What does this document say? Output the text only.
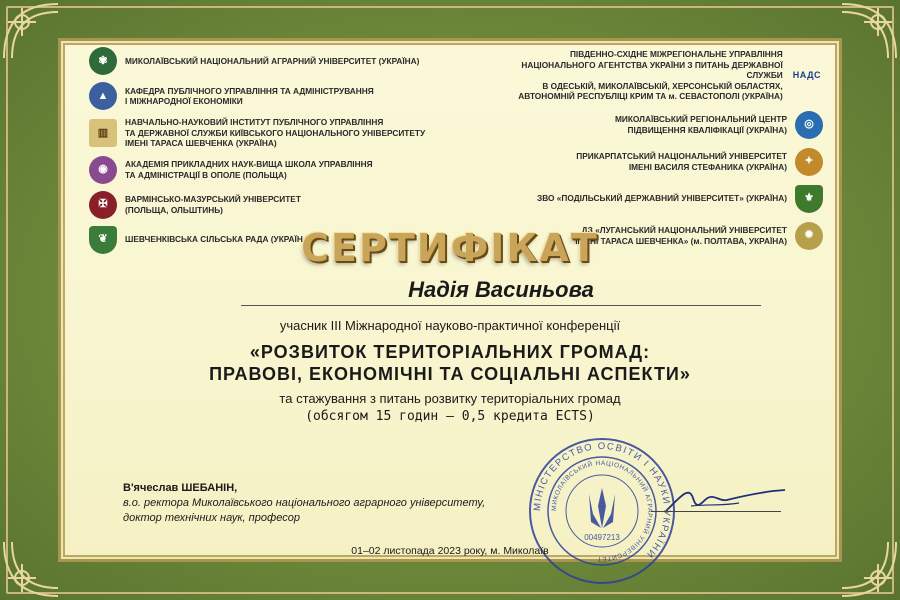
✾	МИКОЛАЇВСЬКИЙ НАЦІОНАЛЬНИЙ АГРАРНИЙ УНІВЕРСИТЕТ (УКРАЇНА)
▲	КАФЕДРА ПУБЛІЧНОГО УПРАВЛІННЯ ТА АДМІНІСТРУВАННЯ
І МІЖНАРОДНОЇ ЕКОНОМІКИ
▥
НАВЧАЛЬНО-НАУКОВИЙ ІНСТИТУТ ПУБЛІЧНОГО УПРАВЛІННЯ
ТА ДЕРЖАВНОЇ СЛУЖБИ КИЇВСЬКОГО НАЦІОНАЛЬНОГО УНІВЕРСИТЕТУ
ІМЕНІ ТАРАСА ШЕВЧЕНКА (УКРАЇНА)
◉	АКАДЕМІЯ ПРИКЛАДНИХ НАУК-ВИЩА ШКОЛА УПРАВЛІННЯ
ТА АДМІНІСТРАЦІЇ В ОПОЛЕ (ПОЛЬЩА)
✠	ВАРМІНСЬКО-МАЗУРСЬКИЙ УНІВЕРСИТЕТ
(ПОЛЬЩА, ОЛЬШТИНЬ)
❦	ШЕВЧЕНКІВСЬКА СІЛЬСЬКА РАДА (УКРАЇНА)
ПІВДЕННО-СХІДНЕ МІЖРЕГІОНАЛЬНЕ УПРАВЛІННЯ
НАЦІОНАЛЬНОГО АГЕНТСТВА УКРАЇНИ З ПИТАНЬ ДЕРЖАВНОЇ СЛУЖБИ
В ОДЕСЬКІЙ, МИКОЛАЇВСЬКІЙ, ХЕРСОНСЬКІЙ ОБЛАСТЯХ,
АВТОНОМНІЙ РЕСПУБЛІЦІ КРИМ ТА м. СЕВАСТОПОЛІ (УКРАЇНА)
НАДС
МИКОЛАЇВСЬКИЙ РЕГІОНАЛЬНИЙ ЦЕНТР
ПІДВИЩЕННЯ КВАЛІФІКАЦІЇ (УКРАЇНА)	◎
ПРИКАРПАТСЬКИЙ НАЦІОНАЛЬНИЙ УНІВЕРСИТЕТ
ІМЕНІ ВАСИЛЯ СТЕФАНИКА (УКРАЇНА)	✦
ЗВО «ПОДІЛЬСЬКИЙ ДЕРЖАВНИЙ УНІВЕРСИТЕТ» (УКРАЇНА)	⚜
ДЗ «ЛУГАНСЬКИЙ НАЦІОНАЛЬНИЙ УНІВЕРСИТЕТ
ІМЕНІ ТАРАСА ШЕВЧЕНКА» (м. ПОЛТАВА, УКРАЇНА)	✹
СЕРТИФІКАТ
Надія Васиньова
учасник ІІІ Міжнародної науково-практичної конференції
«РОЗВИТОК ТЕРИТОРІАЛЬНИХ ГРОМАД:
ПРАВОВІ, ЕКОНОМІЧНІ ТА СОЦІАЛЬНІ АСПЕКТИ»
та стажування з питань розвитку територіальних громад
(обсягом 15 годин – 0,5 кредита ECTS)
В'ячеслав ШЕБАНІН,
в.о. ректора Миколаївського національного аграрного університету,
доктор технічних наук, професор
МІНІСТЕРСТВО ОСВІТИ І НАУКИ УКРАЇНИ
МИКОЛАЇВСЬКИЙ НАЦІОНАЛЬНИЙ АГРАРНИЙ УНІВЕРСИТЕТ
00497213
01–02 листопада 2023 року, м. Миколаїв
